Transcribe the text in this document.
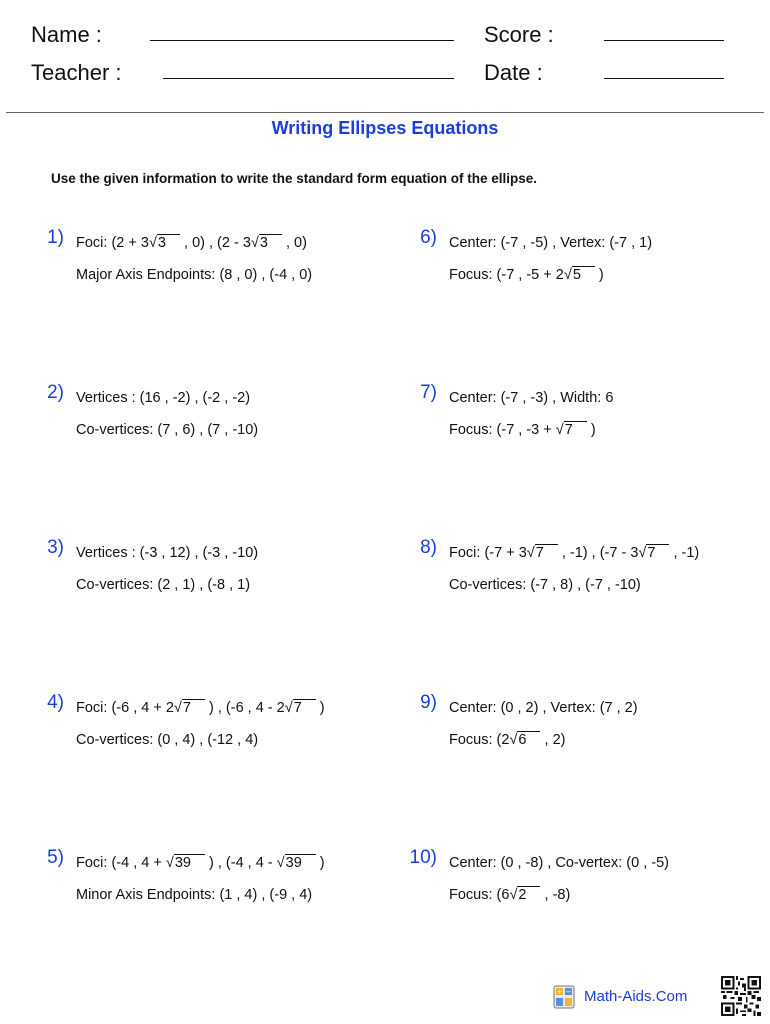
Name :
Teacher :
Score :
Date :
Writing Ellipses Equations
Use the given information to write the standard form equation of the ellipse.
1) Foci: (2 + 3√3 , 0) , (2 - 3√3 , 0)
Major Axis Endpoints: (8 , 0) , (-4 , 0)
2) Vertices : (16 , -2) , (-2 , -2)
Co-vertices: (7 , 6) , (7 , -10)
3) Vertices : (-3 , 12) , (-3 , -10)
Co-vertices: (2 , 1) , (-8 , 1)
4) Foci: (-6 , 4 + 2√7 ) , (-6 , 4 - 2√7 )
Co-vertices: (0 , 4) , (-12 , 4)
5) Foci: (-4 , 4 + √39 ) , (-4 , 4 - √39 )
Minor Axis Endpoints: (1 , 4) , (-9 , 4)
6) Center: (-7 , -5) , Vertex: (-7 , 1)
Focus: (-7 , -5 + 2√5 )
7) Center: (-7 , -3) , Width: 6
Focus: (-7 , -3 + √7 )
8) Foci: (-7 + 3√7 , -1) , (-7 - 3√7 , -1)
Co-vertices: (-7 , 8) , (-7 , -10)
9) Center: (0 , 2) , Vertex: (7 , 2)
Focus: (2√6 , 2)
10) Center: (0 , -8) , Co-vertex: (0 , -5)
Focus: (6√2 , -8)
+ − Math-Aids.Com
